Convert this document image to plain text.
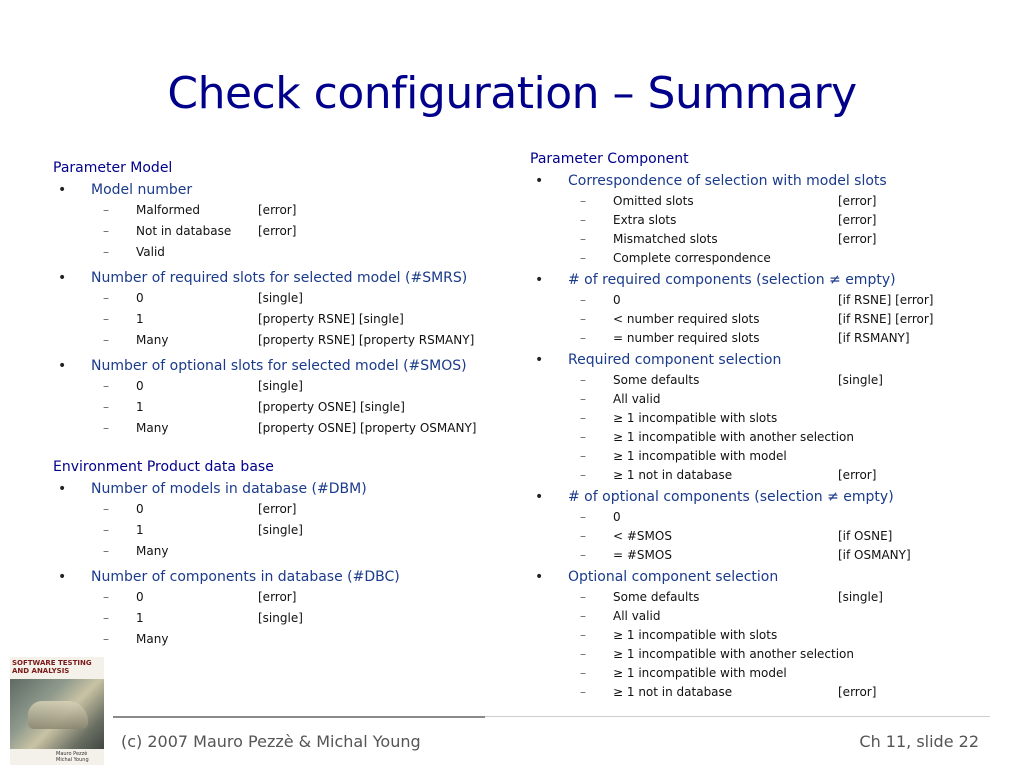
Check configuration – Summary
Parameter Model
• Model number
– Malformed	[error]
– Not in database [error]
– Valid
• Number of required slots for selected model (#SMRS)
– 0	[single]
– 1	[property RSNE] [single]
– Many	[property RSNE] [property RSMANY]
• Number of optional slots for selected model (#SMOS)
– 0	[single]
– 1	[property OSNE] [single]
– Many	[property OSNE] [property OSMANY]
Environment Product data base
• Number of models in database (#DBM)
– 0	[error]
– 1	[single]
– Many
• Number of components in database (#DBC)
– 0	[error]
– 1	[single]
– Many
Parameter Component
• Correspondence of selection with model slots
– Omitted slots	[error]
– Extra slots	[error]
– Mismatched slots	[error]
– Complete correspondence
• # of required components (selection ≠ empty)
– 0	[if RSNE] [error]
– < number required slots	[if RSNE] [error]
– = number required slots	[if RSMANY]
• Required component selection
– Some defaults	[single]
– All valid
– ≥ 1 incompatible with slots
– ≥ 1 incompatible with another selection
– ≥ 1 incompatible with model
– ≥ 1 not in database	[error]
• # of optional components (selection ≠ empty)
– 0
– < #SMOS	[if OSNE]
– = #SMOS	[if OSMANY]
• Optional component selection
– Some defaults	[single]
– All valid
– ≥ 1 incompatible with slots
– ≥ 1 incompatible with another selection
– ≥ 1 incompatible with model
– ≥ 1 not in database	[error]
SOFTWARE TESTING
AND ANALYSIS
Mauro Pezzè
Michal Young
(c) 2007 Mauro Pezzè & Michal Young	Ch 11, slide 22
